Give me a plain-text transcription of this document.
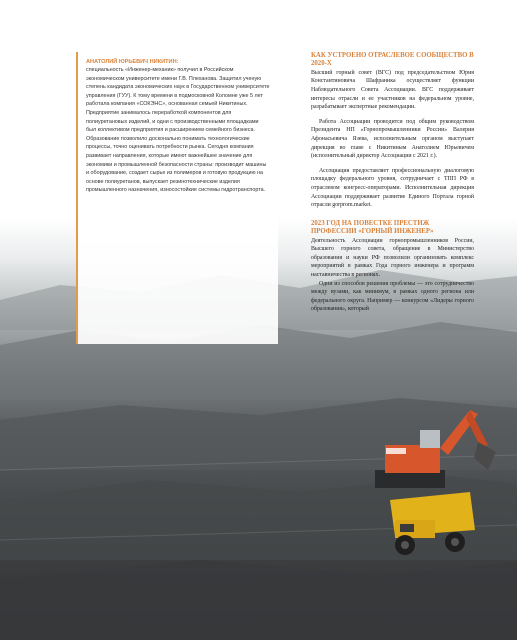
АНАТОЛИЙ ЮРЬЕВИЧ НИКИТИН:

специальность «Инженер-механик» получил в Российском экономическом университете имени Г.В. Плеханова. Защитил ученую степень кандидата экономических наук в Государственном университете управления (ГУУ). К тому времени в подмосковной Коломне уже 5 лет работала компания «СОКЭНС», основанная семьей Никитиных. Предприятие занималось переработкой компонентов для полиуретановых изделий, и одни с производственными площадками был коллективом предприятия и расширением семейного бизнеса. Образование позволило досконально понимать технологические процессы, точно оценивать потребности рынка. Сегодня компания развивает направления, которые имеют важнейшее значение для экономики и промышленной безопасности страны: производит машины и оборудование, создает сырье из полимеров и готовую продукцию на основе полиуретанов, выпускает резинотехнические изделия промышленного назначения, износостойкие системы гидротранспорта.

КАК УСТРОЕНО ОТРАСЛЕВОЕ СООБЩЕСТВО В 2020-Х

Высший горный совет (ВГС) под председательством Юрия Константиновича Шафраника осуществляет функции Наблюдательного Совета Ассоциации. ВГС поддерживает интересы отрасли и ее участников на федеральном уровне, разрабатывает экспертные рекомендации.

Работа Ассоциации проводится под общим руководством Президента НП «Горнопромышленники России» Валерия Афонасьевича Язева, исполнительным органом выступает дирекция во главе с Никитиным Анатолием Юрьевичем (исполнительный директор Ассоциации с 2021 г.).

Ассоциация предоставляет профессиональную диалоговую площадку федерального уровня, сотрудничает с ТПП РФ в отраслевом конгресс-операторами. Исполнительная дирекция Ассоциации поддерживает развитие Единого Портала горной отрасли gorprom.market.

2023 ГОД НА ПОВЕСТКЕ ПРЕСТИЖ ПРОФЕССИИ «ГОРНЫЙ ИНЖЕНЕР»

Деятельность Ассоциации горнопромышленников России, Высшего горного совета, обращение в Министерство образования и науки РФ позволили организовать комплекс мероприятий в рамках Года горного инженера и программ наставничества в регионах.

Одни из способов решения проблемы — это сотрудничество между вузами, как минимум, в рамках одного региона или федерального округа. Например — конкурсом «Лидеры горного образования», который
